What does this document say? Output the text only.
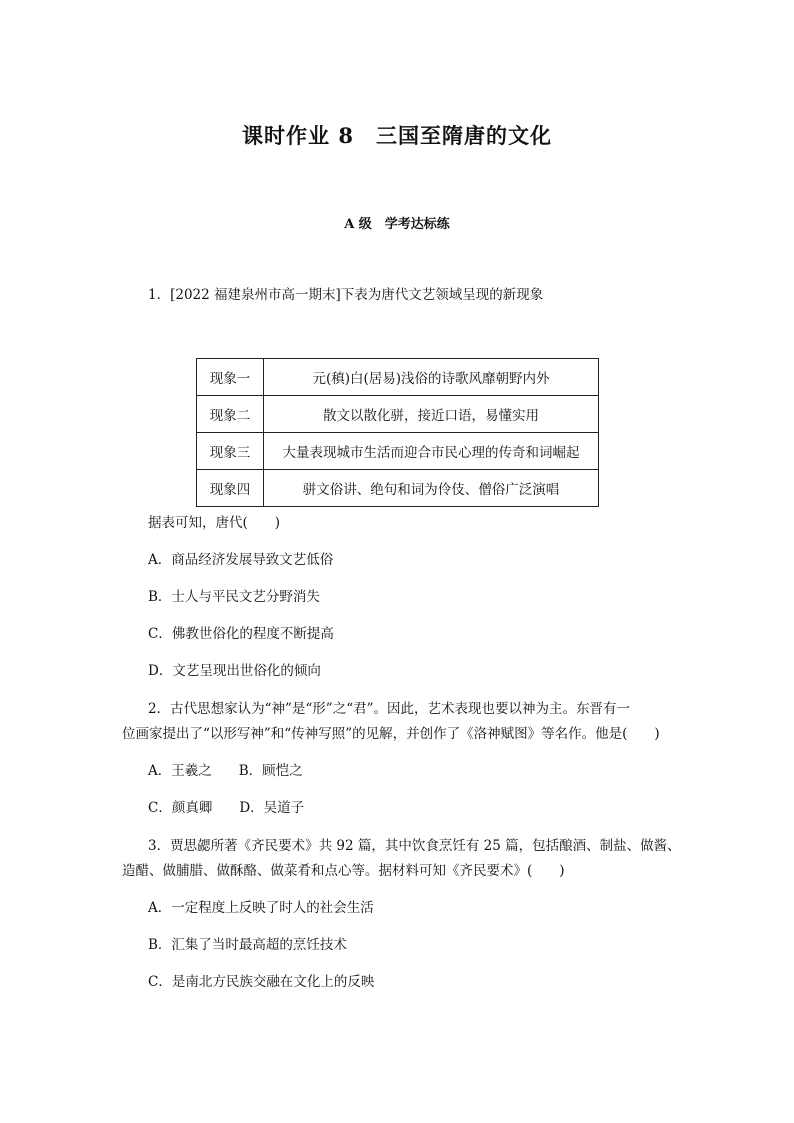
课时作业 8　三国至隋唐的文化
A 级　学考达标练
1．[2022 福建泉州市高一期末]下表为唐代文艺领域呈现的新现象
现象一	元(稹)白(居易)浅俗的诗歌风靡朝野内外
现象二	散文以散化骈，接近口语，易懂实用
现象三	大量表现城市生活而迎合市民心理的传奇和词崛起
现象四	骈文俗讲、绝句和词为伶伎、僧俗广泛演唱
据表可知，唐代(　　)
A．商品经济发展导致文艺低俗
B．士人与平民文艺分野消失
C．佛教世俗化的程度不断提高
D．文艺呈现出世俗化的倾向
2．古代思想家认为“神”是“形”之“君”。因此，艺术表现也要以神为主。东晋有一
位画家提出了“以形写神”和“传神写照”的见解，并创作了《洛神赋图》等名作。他是(　　)
A．王羲之　　B．顾恺之
C．颜真卿　　D．吴道子
3．贾思勰所著《齐民要术》共 92 篇，其中饮食烹饪有 25 篇，包括酿酒、制盐、做酱、
造醋、做脯腊、做酥酪、做菜肴和点心等。据材料可知《齐民要术》(　　)
A．一定程度上反映了时人的社会生活
B．汇集了当时最高超的烹饪技术
C．是南北方民族交融在文化上的反映
